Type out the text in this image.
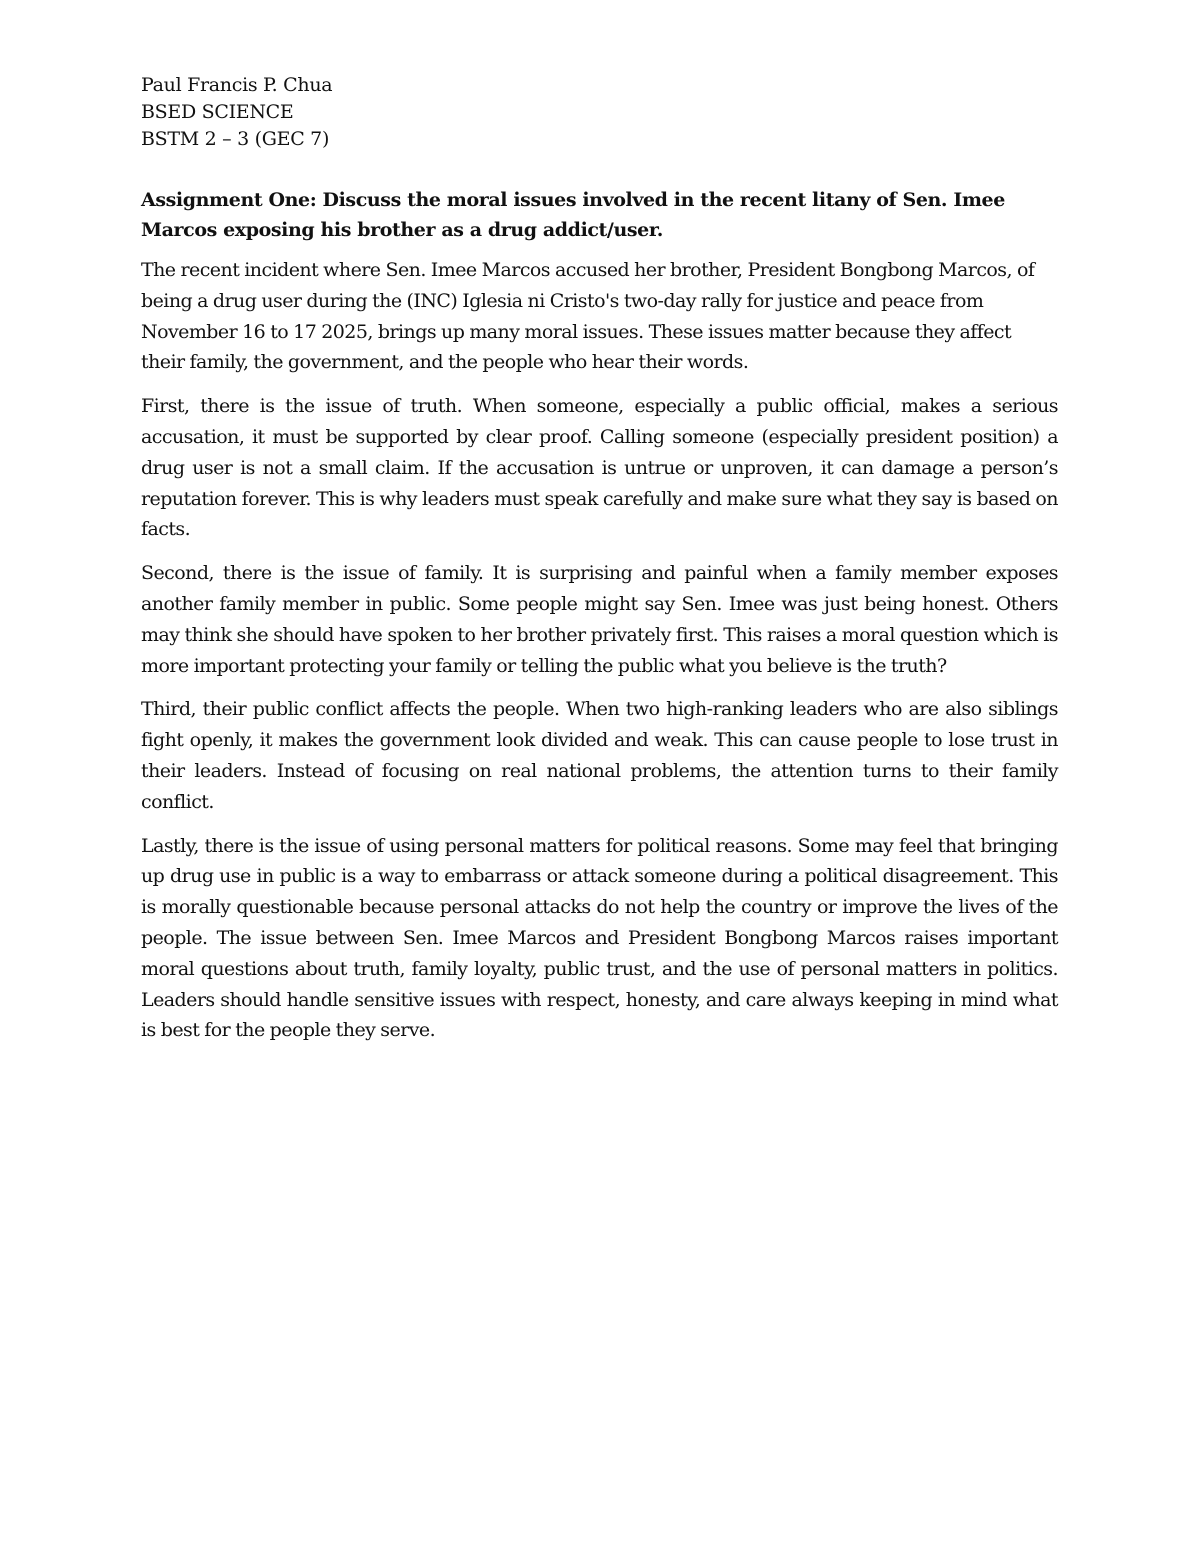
Paul Francis P. Chua

BSED SCIENCE

BSTM 2 – 3 (GEC 7)

Assignment One: Discuss the moral issues involved in the recent litany of Sen. Imee Marcos exposing his brother as a drug addict/user.

The recent incident where Sen. Imee Marcos accused her brother, President Bongbong Marcos, of being a drug user during the (INC) Iglesia ni Cristo's two-day rally for justice and peace from November 16 to 17 2025, brings up many moral issues. These issues matter because they affect their family, the government, and the people who hear their words.

First, there is the issue of truth. When someone, especially a public official, makes a serious accusation, it must be supported by clear proof. Calling someone (especially president position) a drug user is not a small claim. If the accusation is untrue or unproven, it can damage a person’s reputation forever. This is why leaders must speak carefully and make sure what they say is based on facts.

Second, there is the issue of family. It is surprising and painful when a family member exposes another family member in public. Some people might say Sen. Imee was just being honest. Others may think she should have spoken to her brother privately first. This raises a moral question which is more important protecting your family or telling the public what you believe is the truth?

Third, their public conflict affects the people. When two high-ranking leaders who are also siblings fight openly, it makes the government look divided and weak. This can cause people to lose trust in their leaders. Instead of focusing on real national problems, the attention turns to their family conflict.

Lastly, there is the issue of using personal matters for political reasons. Some may feel that bringing up drug use in public is a way to embarrass or attack someone during a political disagreement. This is morally questionable because personal attacks do not help the country or improve the lives of the people. The issue between Sen. Imee Marcos and President Bongbong Marcos raises important moral questions about truth, family loyalty, public trust, and the use of personal matters in politics. Leaders should handle sensitive issues with respect, honesty, and care always keeping in mind what is best for the people they serve.
